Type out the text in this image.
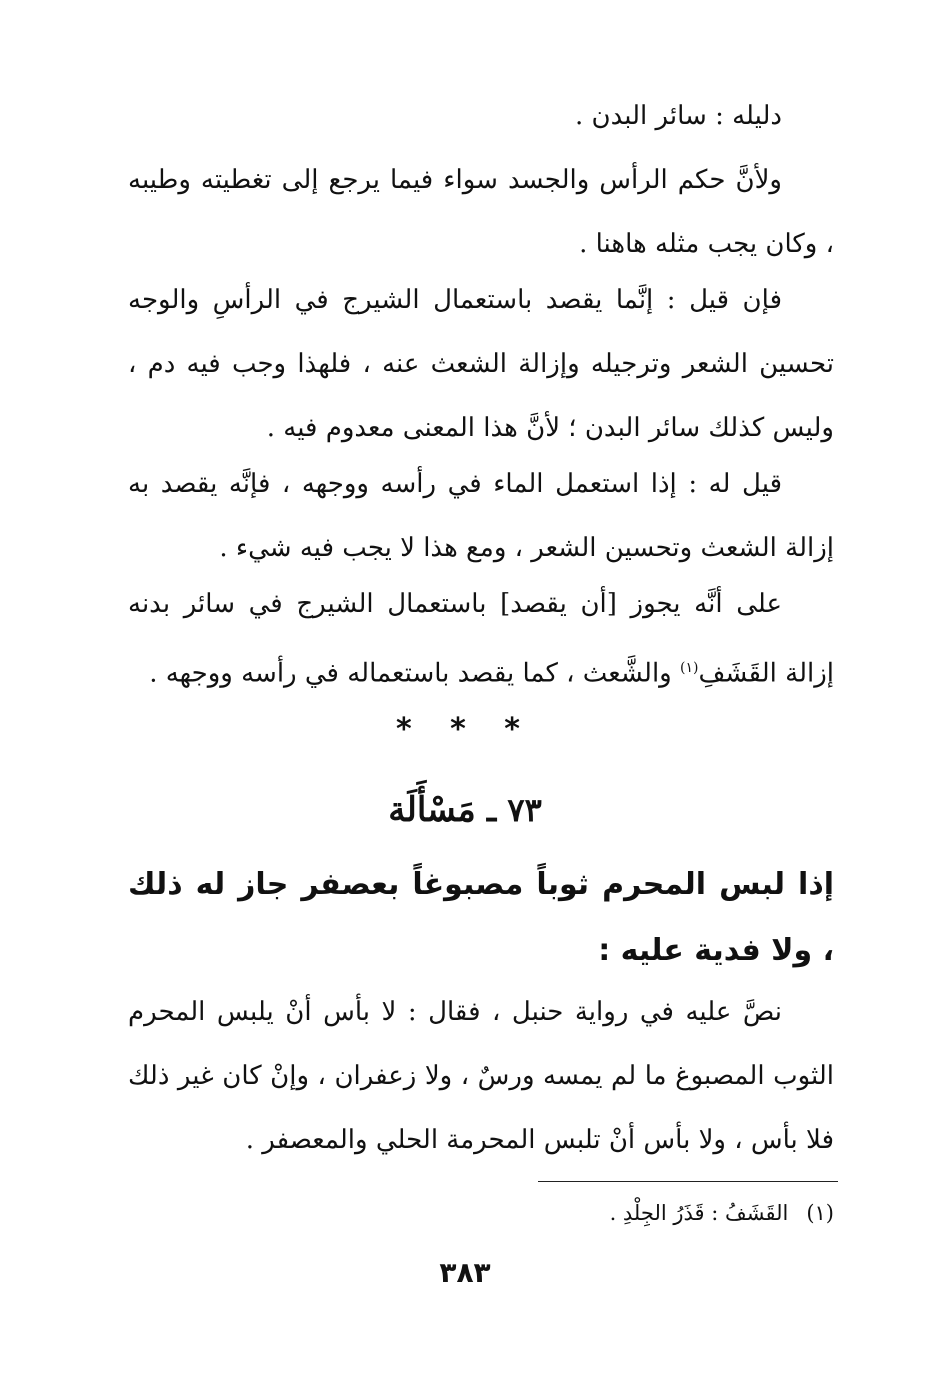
دليله : سائر البدن .

ولأنَّ حكم الرأس والجسد سواء فيما يرجع إلى تغطيته وطيبه ، وكان يجب مثله هاهنا .

فإن قيل : إنَّما يقصد باستعمال الشيرج في الرأسِ والوجه تحسين الشعر وترجيله وإزالة الشعث عنه ، فلهذا وجب فيه دم ، وليس كذلك سائر البدن ؛ لأنَّ هذا المعنى معدوم فيه .

قيل له : إذا استعمل الماء في رأسه ووجهه ، فإنَّه يقصد به إزالة الشعث وتحسين الشعر ، ومع هذا لا يجب فيه شيء .

على أنَّه يجوز [أن يقصد] باستعمال الشيرج في سائر بدنه إزالة القَشَفِ$^{(١)}$ والشَّعث ، كما يقصد باستعماله في رأسه ووجهه .

* * *
٧٣ ـ مَسْأَلَة
إذا لبس المحرم ثوباً مصبوغاً بعصفر جاز له ذلك ، ولا فدية عليه :

نصَّ عليه في رواية حنبل ، فقال : لا بأس أنْ يلبس المحرم الثوب المصبوغ ما لم يمسه ورسٌ ، ولا زعفران ، وإنْ كان غير ذلك فلا بأس ، ولا بأس أنْ تلبس المحرمة الحلي والمعصفر .

(١)القَشَفُ : قَذَرُ الجِلْدِ .
٣٨٣
